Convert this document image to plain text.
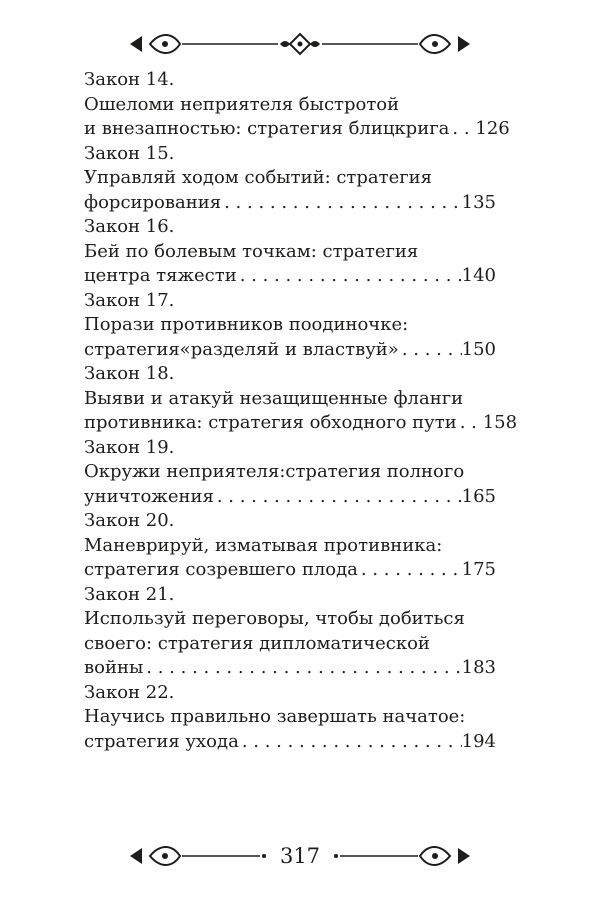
Закон 14.
Ошеломи неприятеля быстротой
и внезапностью: стратегия блицкрига . . . 126
Закон 15.
Управляй ходом событий: стратегия
форсирования . . .	135
Закон 16.
Бей по болевым точкам: стратегия
центра тяжести . . .	140
Закон 17.
Порази противников поодиночке:
стратегия«разделяй и властвуй» . . .	150
Закон 18.
Выяви и атакуй незащищенные фланги
противника: стратегия обходного пути . . . 158
Закон 19.
Окружи неприятеля:стратегия полного
уничтожения . . .	165
Закон 20.
Маневрируй, изматывая противника:
стратегия созревшего плода . . .	175
Закон 21.
Используй переговоры, чтобы добиться
своего: стратегия дипломатической
войны . . .	183
Закон 22.
Научись правильно завершать начатое:
стратегия ухода . . .	194
317
